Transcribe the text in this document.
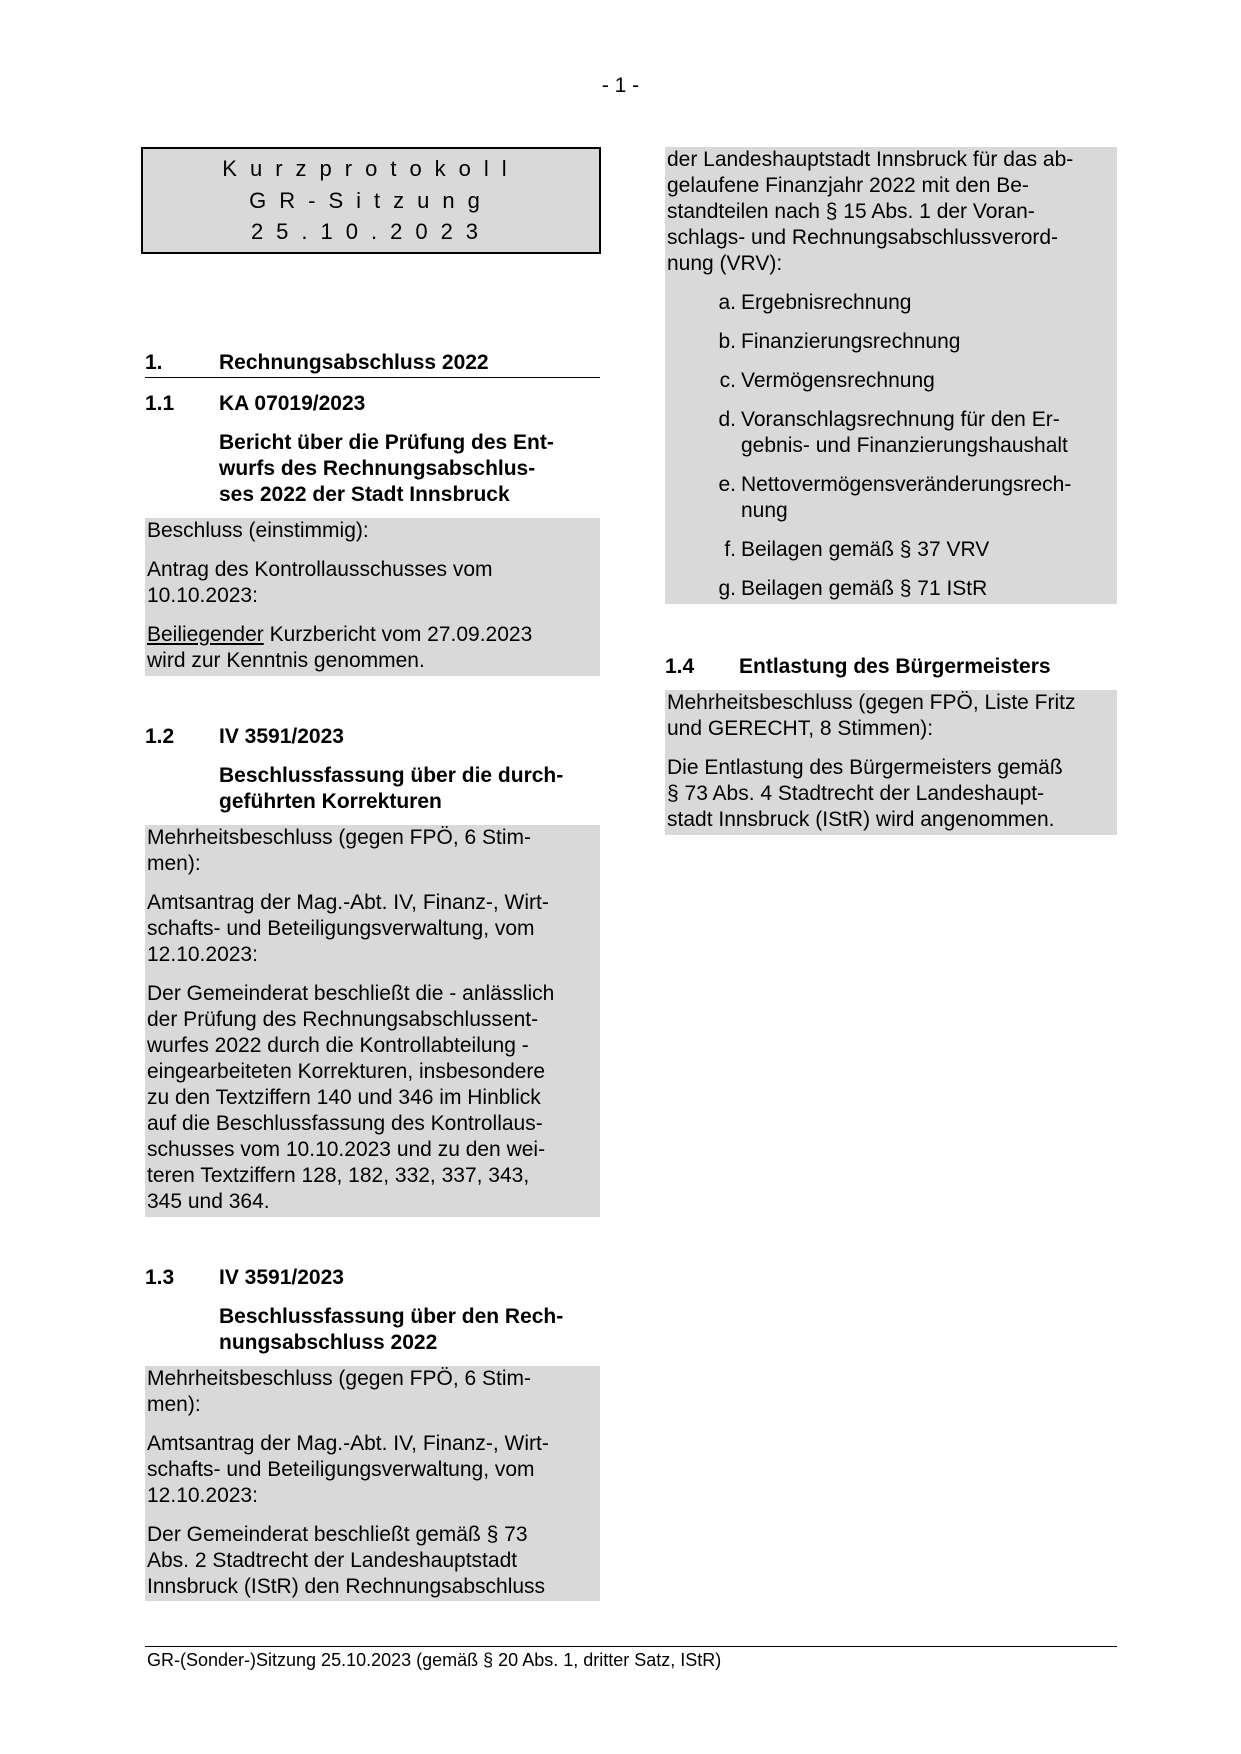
- 1 -
Kurzprotokoll
GR-Sitzung
25.10.2023
1.	Rechnungsabschluss 2022
1.1	KA 07019/2023
Bericht über die Prüfung des Ent-
wurfs des Rechnungsabschlus-
ses 2022 der Stadt Innsbruck
Beschluss (einstimmig):
Antrag des Kontrollausschusses vom
10.10.2023:
Beiliegender Kurzbericht vom 27.09.2023
wird zur Kenntnis genommen.
1.2	IV 3591/2023
Beschlussfassung über die durch-
geführten Korrekturen
Mehrheitsbeschluss (gegen FPÖ, 6 Stim-
men):
Amtsantrag der Mag.-Abt. IV, Finanz-, Wirt-
schafts- und Beteiligungsverwaltung, vom
12.10.2023:
Der Gemeinderat beschließt die - anlässlich
der Prüfung des Rechnungsabschlussent-
wurfes 2022 durch die Kontrollabteilung -
eingearbeiteten Korrekturen, insbesondere
zu den Textziffern 140 und 346 im Hinblick
auf die Beschlussfassung des Kontrollaus-
schusses vom 10.10.2023 und zu den wei-
teren Textziffern 128, 182, 332, 337, 343,
345 und 364.
1.3	IV 3591/2023
Beschlussfassung über den Rech-
nungsabschluss 2022
Mehrheitsbeschluss (gegen FPÖ, 6 Stim-
men):
Amtsantrag der Mag.-Abt. IV, Finanz-, Wirt-
schafts- und Beteiligungsverwaltung, vom
12.10.2023:
Der Gemeinderat beschließt gemäß § 73
Abs. 2 Stadtrecht der Landeshauptstadt
Innsbruck (IStR) den Rechnungsabschluss
der Landeshauptstadt Innsbruck für das ab-
gelaufene Finanzjahr 2022 mit den Be-
standteilen nach § 15 Abs. 1 der Voran-
schlags- und Rechnungsabschlussverord-
nung (VRV):
a. Ergebnisrechnung
b. Finanzierungsrechnung
c. Vermögensrechnung
d. Voranschlagsrechnung für den Er-
gebnis- und Finanzierungshaushalt
e. Nettovermögensveränderungsrech-
nung
f. Beilagen gemäß § 37 VRV
g. Beilagen gemäß § 71 IStR
1.4	Entlastung des Bürgermeisters
Mehrheitsbeschluss (gegen FPÖ, Liste Fritz
und GERECHT, 8 Stimmen):
Die Entlastung des Bürgermeisters gemäß
§ 73 Abs. 4 Stadtrecht der Landeshaupt-
stadt Innsbruck (IStR) wird angenommen.
GR-(Sonder-)Sitzung 25.10.2023 (gemäß § 20 Abs. 1, dritter Satz, IStR)
